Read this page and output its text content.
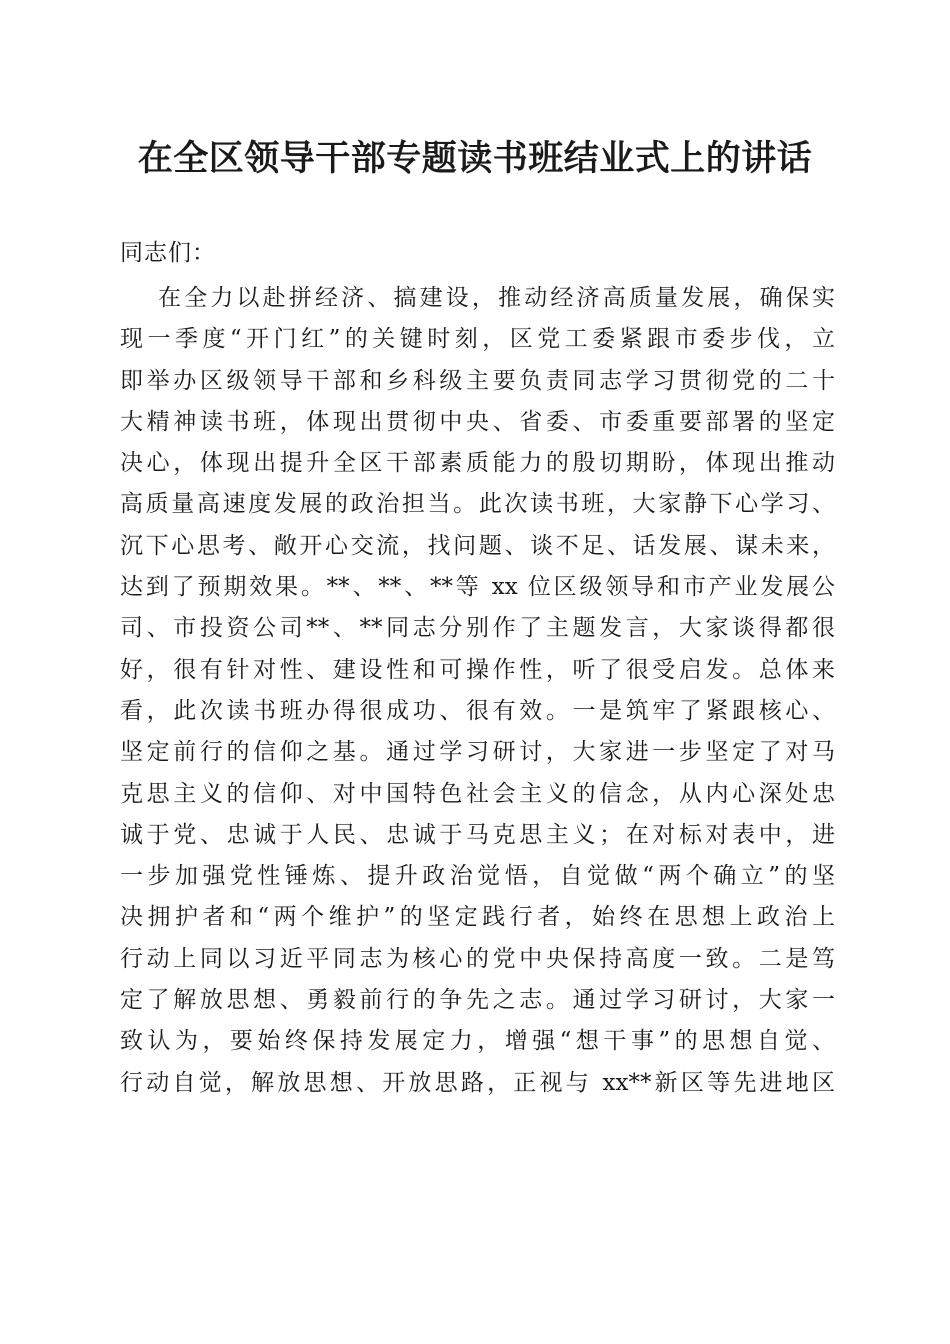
在全区领导干部专题读书班结业式上的讲话

同志们：

在全力以赴拼经济、搞建设，推动经济高质量发展，确保实
现一季度“开门红”的关键时刻，区党工委紧跟市委步伐，立
即举办区级领导干部和乡科级主要负责同志学习贯彻党的二十
大精神读书班，体现出贯彻中央、省委、市委重要部署的坚定
决心，体现出提升全区干部素质能力的殷切期盼，体现出推动
高质量高速度发展的政治担当。此次读书班，大家静下心学习、
沉下心思考、敞开心交流，找问题、谈不足、话发展、谋未来，
达到了预期效果。**、**、**等 xx 位区级领导和市产业发展公
司、市投资公司**、**同志分别作了主题发言，大家谈得都很
好，很有针对性、建设性和可操作性，听了很受启发。总体来
看，此次读书班办得很成功、很有效。一是筑牢了紧跟核心、
坚定前行的信仰之基。通过学习研讨，大家进一步坚定了对马
克思主义的信仰、对中国特色社会主义的信念，从内心深处忠
诚于党、忠诚于人民、忠诚于马克思主义；在对标对表中，进
一步加强党性锤炼、提升政治觉悟，自觉做“两个确立”的坚
决拥护者和“两个维护”的坚定践行者，始终在思想上政治上
行动上同以习近平同志为核心的党中央保持高度一致。二是笃
定了解放思想、勇毅前行的争先之志。通过学习研讨，大家一
致认为，要始终保持发展定力，增强“想干事”的思想自觉、
行动自觉，解放思想、开放思路，正视与 xx**新区等先进地区
